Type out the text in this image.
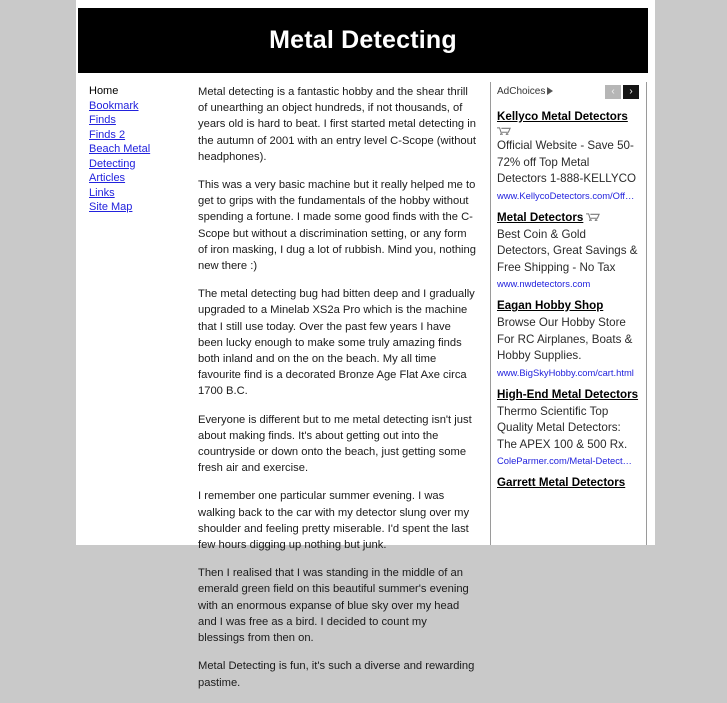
Metal Detecting
Home
Bookmark
Finds
Finds 2
Beach Metal Detecting
Articles
Links
Site Map

Metal detecting is a fantastic hobby and the shear thrill of unearthing an object hundreds, if not thousands, of years old is hard to beat. I first started metal detecting in the autumn of 2001 with an entry level C-Scope (without headphones).

This was a very basic machine but it really helped me to get to grips with the fundamentals of the hobby without spending a fortune. I made some good finds with the C-Scope but without a discrimination setting, or any form of iron masking, I dug a lot of rubbish. Mind you, nothing new there :)

The metal detecting bug had bitten deep and I gradually upgraded to a Minelab XS2a Pro which is the machine that I still use today. Over the past few years I have been lucky enough to make some truly amazing finds both inland and on the on the beach. My all time favourite find is a decorated Bronze Age Flat Axe circa 1700 B.C.

Everyone is different but to me metal detecting isn't just about making finds. It's about getting out into the countryside or down onto the beach, just getting some fresh air and exercise.

I remember one particular summer evening. I was walking back to the car with my detector slung over my shoulder and feeling pretty miserable. I'd spent the last few hours digging up nothing but junk.

Then I realised that I was standing in the middle of an emerald green field on this beautiful summer's evening with an enormous expanse of blue sky over my head and I was free as a bird. I decided to count my blessings from then on.

Metal Detecting is fun, it's such a diverse and rewarding pastime.

AdChoices	‹	›
Kellyco Metal Detectors
Official Website - Save 50-72% off Top Metal Detectors 1-888-KELLYCO
www.KellycoDetectors.com/Off…
Metal Detectors
Best Coin & Gold Detectors, Great Savings & Free Shipping - No Tax
www.nwdetectors.com
Eagan Hobby Shop
Browse Our Hobby Store For RC Airplanes, Boats & Hobby Supplies.
www.BigSkyHobby.com/cart.html
High-End Metal Detectors
Thermo Scientific Top Quality Metal Detectors: The APEX 100 & 500 Rx.
ColeParmer.com/Metal-Detect…
Garrett Metal Detectors
